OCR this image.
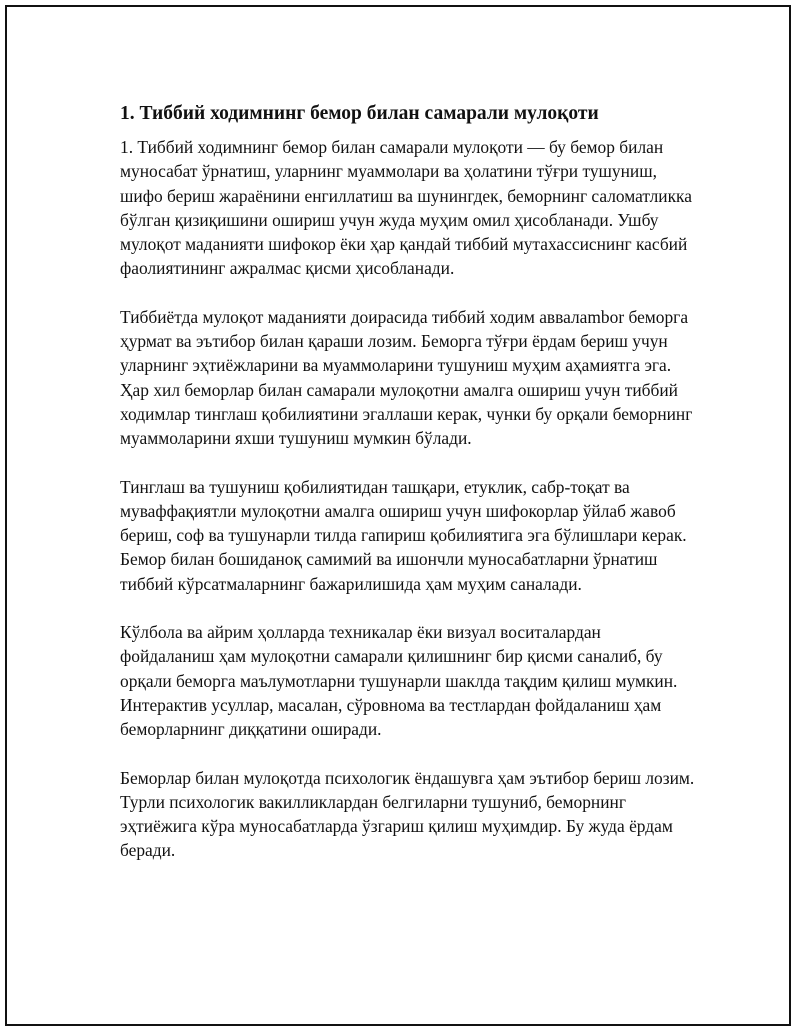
1. Тиббий ходимнинг бемор билан самарали мулоқоти

1. Тиббий ходимнинг бемор билан самарали мулоқоти — бу бемор билан муносабат ўрнатиш, уларнинг муаммолари ва ҳолатини тўғри тушуниш, шифо бериш жараёнини енгиллатиш ва шунингдек, беморнинг саломатликка бўлган қизиқишини ошириш учун жуда муҳим омил ҳисобланади. Ушбу мулоқот маданияти шифокор ёки ҳар қандай тиббий мутахассиснинг касбий фаолиятининг ажралмас қисми ҳисобланади.

Тиббиётда мулоқот маданияти доирасида тиббий ходим аввалambor беморга ҳурмат ва эътибор билан қараши лозим. Беморга тўғри ёрдам бериш учун уларнинг эҳтиёжларини ва муаммоларини тушуниш муҳим аҳамиятга эга. Ҳар хил беморлар билан самарали мулоқотни амалга ошириш учун тиббий ходимлар тинглаш қобилиятини эгаллаши керак, чунки бу орқали беморнинг муаммоларини яхши тушуниш мумкин бўлади.

Тинглаш ва тушуниш қобилиятидан ташқари, етуклик, сабр-тоқат ва муваффақиятли мулоқотни амалга ошириш учун шифокорлар ўйлаб жавоб бериш, соф ва тушунарли тилда гапириш қобилиятига эга бўлишлари керак. Бемор билан бошиданоқ самимий ва ишончли муносабатларни ўрнатиш тиббий кўрсатмаларнинг бажарилишида ҳам муҳим саналади.

Кўлбола ва айрим ҳолларда техникалар ёки визуал воситалардан фойдаланиш ҳам мулоқотни самарали қилишнинг бир қисми саналиб, бу орқали беморга маълумотларни тушунарли шаклда тақдим қилиш мумкин. Интерактив усуллар, масалан, сўровнома ва тестлардан фойдаланиш ҳам беморларнинг диққатини оширади.

Беморлар билан мулоқотда психологик ёндашувга ҳам эътибор бериш лозим. Турли психологик вакилликлардан белгиларни тушуниб, беморнинг эҳтиёжига кўра муносабатларда ўзгариш қилиш муҳимдир. Бу жуда ёрдам беради.
